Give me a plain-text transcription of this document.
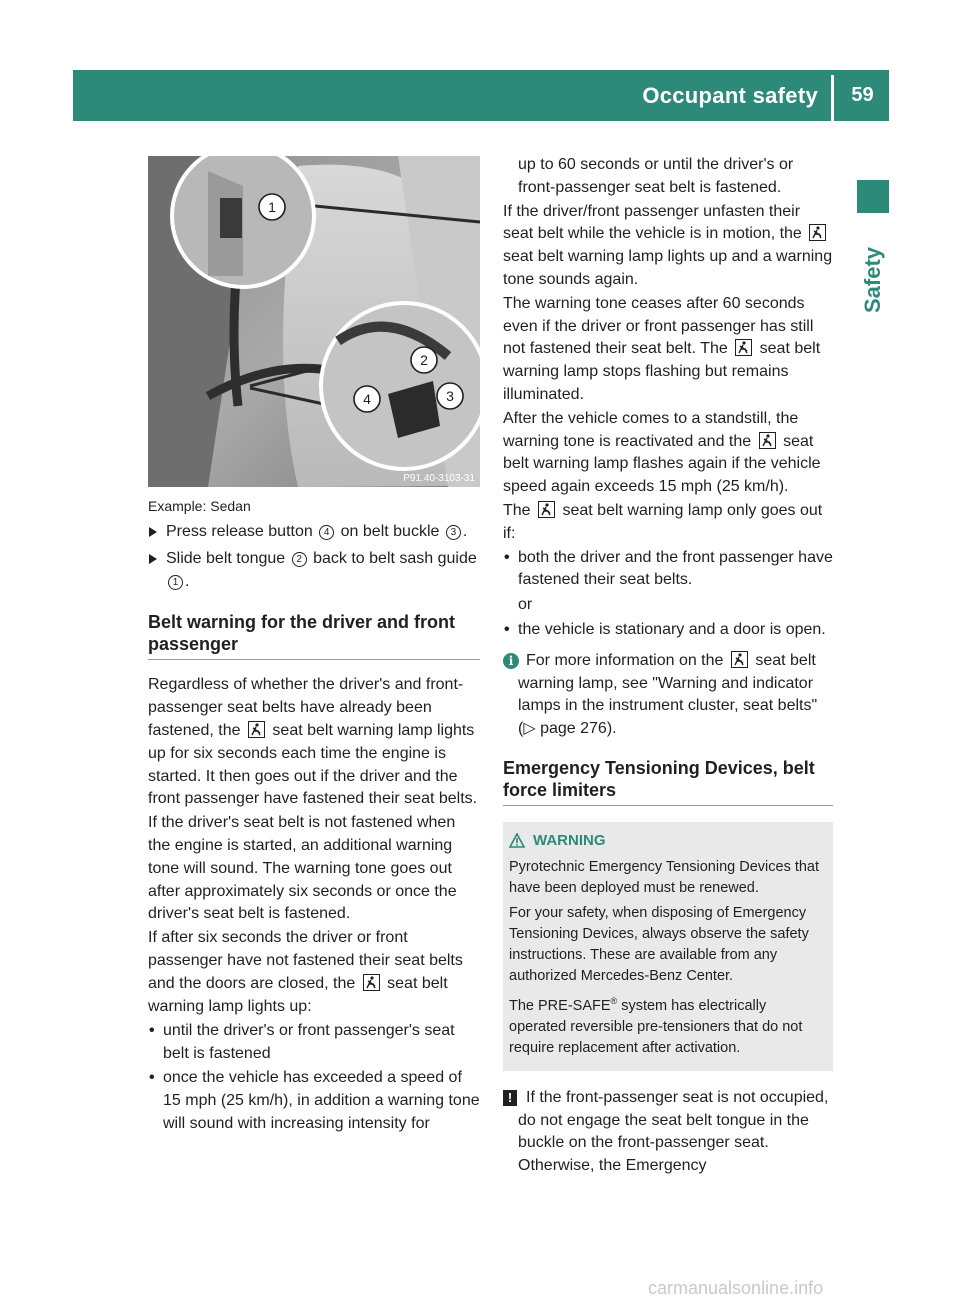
Occupant safety	59
Safety
1
2
3
4
P91.40-3103-31
Example: Sedan
Press release button 4 on belt buckle 3 .
Slide belt tongue 2 back to belt sash guide 1 .
Belt warning for the driver and front passenger

Regardless of whether the driver's and front-passenger seat belts have already been fastened, the seat belt warning lamp lights up for six seconds each time the engine is started. It then goes out if the driver and the front passenger have fastened their seat belts.

If the driver's seat belt is not fastened when the engine is started, an additional warning tone will sound. The warning tone goes out after approximately six seconds or once the driver's seat belt is fastened.

If after six seconds the driver or front passenger have not fastened their seat belts and the doors are closed, the seat belt warning lamp lights up:

• until the driver's or front passenger's seat belt is fastened
• once the vehicle has exceeded a speed of 15 mph (25 km/h), in addition a warning tone will sound with increasing intensity for

up to 60 seconds or until the driver's or front-passenger seat belt is fastened.

If the driver/front passenger unfasten their seat belt while the vehicle is in motion, the
seat belt warning lamp lights up and a warning tone sounds again.

The warning tone ceases after 60 seconds even if the driver or front passenger has still not fastened their seat belt. The seat belt warning lamp stops flashing but remains illuminated.

After the vehicle comes to a standstill, the warning tone is reactivated and the seat belt warning lamp flashes again if the vehicle speed again exceeds 15 mph (25 km/h).

The seat belt warning lamp only goes out if:

• both the driver and the front passenger have fastened their seat belts.

or

• the vehicle is stationary and a door is open.
i For more information on the seat belt warning lamp, see "Warning and indicator lamps in the instrument cluster, seat belts" (▷ page 276).
Emergency Tensioning Devices, belt force limiters
WARNING

Pyrotechnic Emergency Tensioning Devices that have been deployed must be renewed.

For your safety, when disposing of Emergency Tensioning Devices, always observe the safety instructions. These are available from any authorized Mercedes-Benz Center.

The PRE-SAFE® system has electrically operated reversible pre-tensioners that do not require replacement after activation.

! If the front-passenger seat is not occupied, do not engage the seat belt tongue in the buckle on the front-passenger seat. Otherwise, the Emergency
carmanualsonline.info
